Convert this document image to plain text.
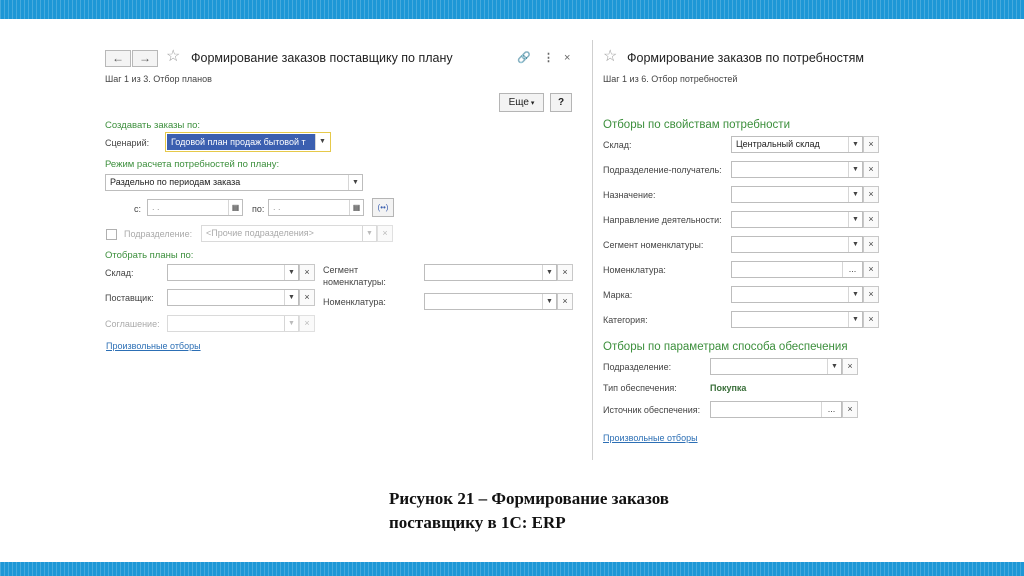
←	→ ☆ Формирование заказов поставщику по плану	🔗 ⋮ ×
Шаг 1 из 3. Отбор планов
Еще ▾	?
Создавать заказы по:
Сценарий:	Годовой план продаж бытовой т	▼
Режим расчета потребностей по плану:
Раздельно по периодам заказа	▼
с:	. .	▦	по: . .	▦	(••)
Подразделение:	<Прочие подразделения>	▼	×
Отобрать планы по:
Склад:	▼	×
Поставщик:	▼	×
Соглашение:	▼	×
Сегмент
номенклатуры:
▼	×
Номенклатура:	▼	×
Произвольные отборы
☆ Формирование заказов по потребностям
Шаг 1 из 6. Отбор потребностей
Отборы по свойствам потребности
Склад:	Центральный склад	▼	×
Подразделение-получатель:	▼	×
Назначение:	▼	×
Направление деятельности:	▼	×
Сегмент номенклатуры:	▼	×
Номенклатура:	...	×
Марка:	▼	×
Категория:	▼	×
Отборы по параметрам способа обеспечения
Подразделение:	▼	×
Тип обеспечения:	Покупка
Источник обеспечения:	...	×
Произвольные отборы
Рисунок 21 – Формирование заказов
поставщику в 1С: ERP
